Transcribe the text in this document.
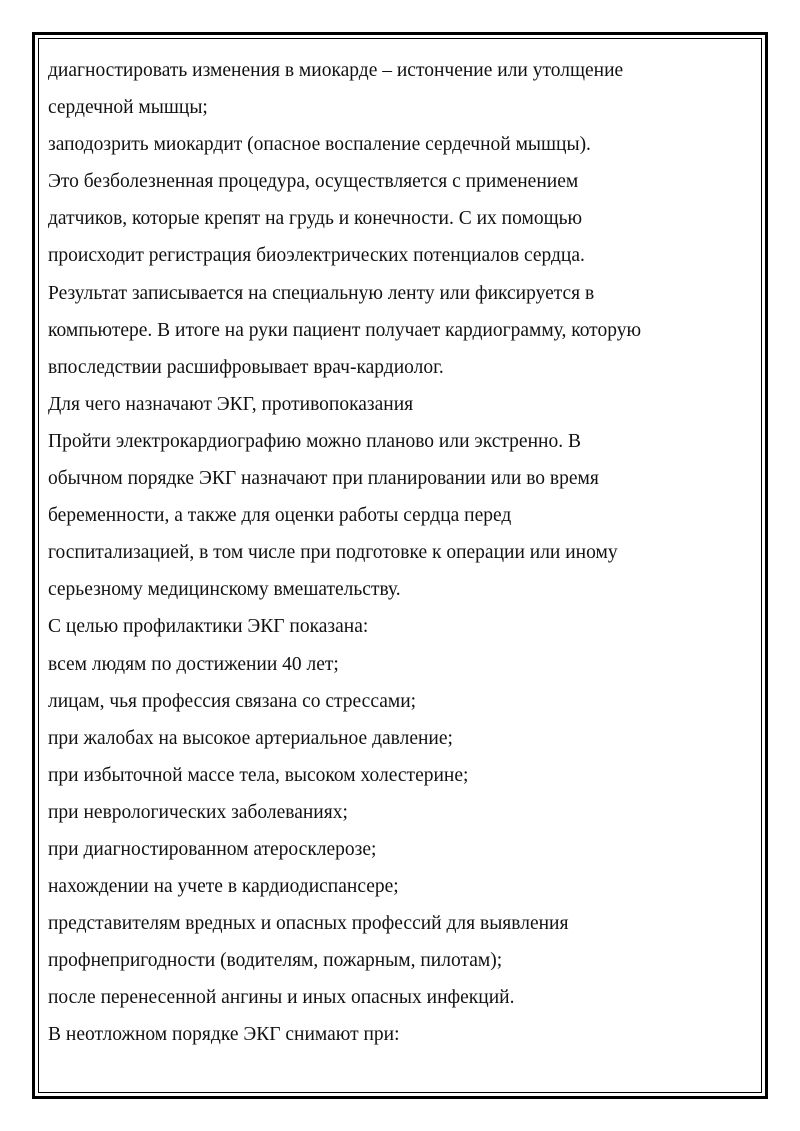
диагностировать изменения в миокарде – истончение или утолщение
сердечной мышцы;
заподозрить миокардит (опасное воспаление сердечной мышцы).
Это безболезненная процедура, осуществляется с применением
датчиков, которые крепят на грудь и конечности. С их помощью
происходит регистрация биоэлектрических потенциалов сердца.
Результат записывается на специальную ленту или фиксируется в
компьютере. В итоге на руки пациент получает кардиограмму, которую
впоследствии расшифровывает врач-кардиолог.
Для чего назначают ЭКГ, противопоказания
Пройти электрокардиографию можно планово или экстренно. В
обычном порядке ЭКГ назначают при планировании или во время
беременности, а также для оценки работы сердца перед
госпитализацией, в том числе при подготовке к операции или иному
серьезному медицинскому вмешательству.
С целью профилактики ЭКГ показана:
всем людям по достижении 40 лет;
лицам, чья профессия связана со стрессами;
при жалобах на высокое артериальное давление;
при избыточной массе тела, высоком холестерине;
при неврологических заболеваниях;
при диагностированном атеросклерозе;
нахождении на учете в кардиодиспансере;
представителям вредных и опасных профессий для выявления
профнепригодности (водителям, пожарным, пилотам);
после перенесенной ангины и иных опасных инфекций.
В неотложном порядке ЭКГ снимают при:
